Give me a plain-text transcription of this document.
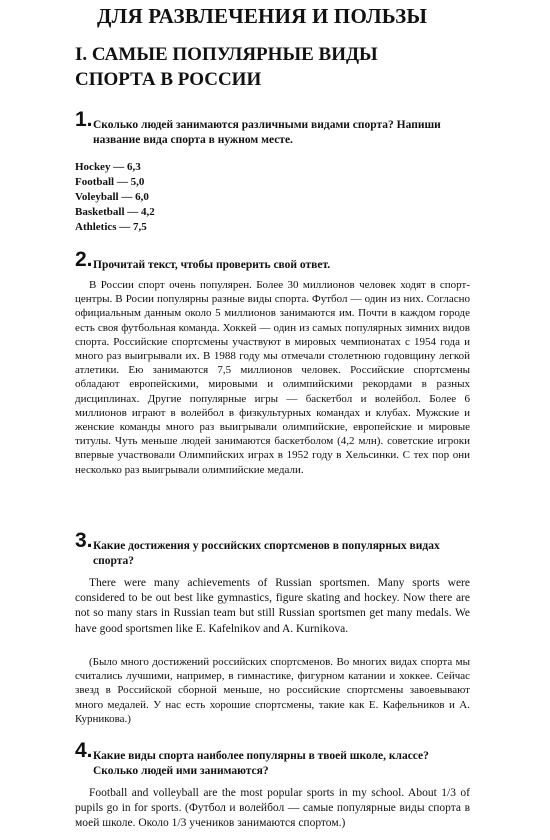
ДЛЯ РАЗВЛЕЧЕНИЯ И ПОЛЬЗЫ
I. САМЫЕ ПОПУЛЯРНЫЕ ВИДЫ СПОРТА В РОССИИ
1. Сколько людей занимаются различными видами спорта? Напиши название вида спорта в нужном месте.
Hockey — 6,3
Football — 5,0
Voleyball — 6,0
Basketball — 4,2
Athletics — 7,5
2. Прочитай текст, чтобы проверить свой ответ.

В России спорт очень популярен. Более 30 миллионов человек ходят в спорт-центры. В Росии популярны разные виды спорта. Футбол — один из них. Согласно официальным данным около 5 миллионов занимаются им. Почти в каждом городе есть своя футбольная команда. Хоккей — один из самых популярных зимних видов спорта. Российские спортсмены участвуют в мировых чемпионатах с 1954 года и много раз выигрывали их. В 1988 году мы отмечали столетнюю годовщину легкой атлетики. Ею занимаются 7,5 миллионов человек. Российские спортсмены обладают европейскими, мировыми и олимпийскими рекордами в разных дисциплинах. Другие популярные игры — баскетбол и волейбол. Более 6 миллионов играют в волейбол в физкультурных командах и клубах. Мужские и женские команды много раз выигрывали олимпийские, европейские и мировые титулы. Чуть меньше людей занимаются баскетболом (4,2 млн). советские игроки впервые участвовали Олимпийских играх в 1952 году в Хельсинки. С тех пор они несколько раз выигрывали олимпийские медали.

3. Какие достижения у российских спортсменов в популярных видах спорта?

There were many achievements of Russian sportsmen. Many sports were considered to be out best like gymnastics, figure skating and hockey. Now there are not so many stars in Russian team but still Russian sportsmen get many medals. We have good sportsmen like E. Kafelnikov and A. Kurnikova.

(Было много достижений российских спортсменов. Во многих видах спорта мы считались лучшими, например, в гимнастике, фигурном катании и хоккее. Сейчас звезд в Российской сборной меньше, но российские спортсмены завоевывают много медалей. У нас есть хорошие спортсмены, такие как Е. Кафельников и А. Курникова.)

4. Какие виды спорта наиболее популярны в твоей школе, классе? Сколько людей ими занимаются?

Football and volleyball are the most popular sports in my school. About 1/3 of pupils go in for sports. (Футбол и волейбол — самые популярные виды спорта в моей школе. Около 1/3 учеников занимаются спортом.)
